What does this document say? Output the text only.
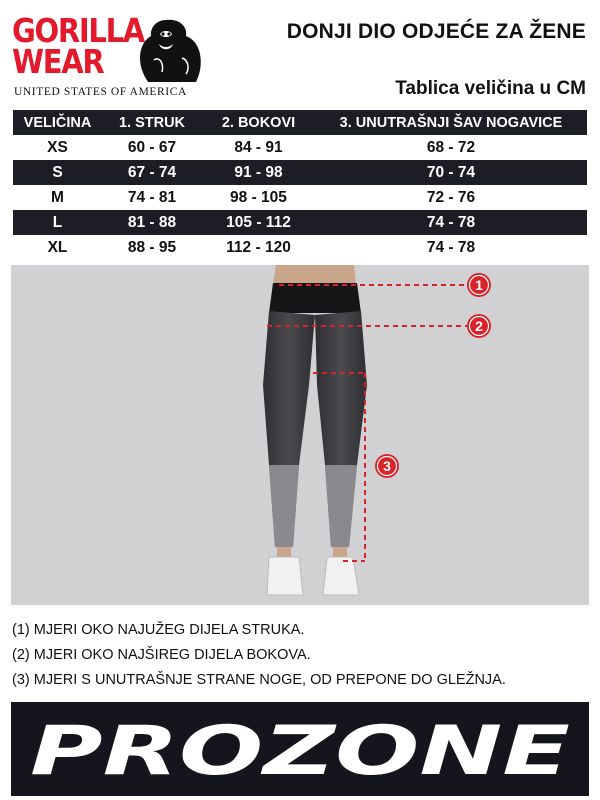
GORILLA
WEAR
UNITED STATES OF AMERICA
DONJI DIO ODJEĆE ZA ŽENE
Tablica veličina u CM
VELIČINA	1. STRUK	2. BOKOVI	3. UNUTRAŠNJI ŠAV NOGAVICE
XS	60 - 67	84 - 91	68 - 72
S	67 - 74	91 - 98	70 - 74
M	74 - 81	98 - 105	72 - 76
L	81 - 88	105 - 112	74 - 78
XL	88 - 95	112 - 120	74 - 78
1
2
3
(1) MJERI OKO NAJUŽEG DIJELA STRUKA.
(2) MJERI OKO NAJŠIREG DIJELA BOKOVA.
(3) MJERI S UNUTRAŠNJE STRANE NOGE, OD PREPONE DO GLEŽNJA.
PROZONE
